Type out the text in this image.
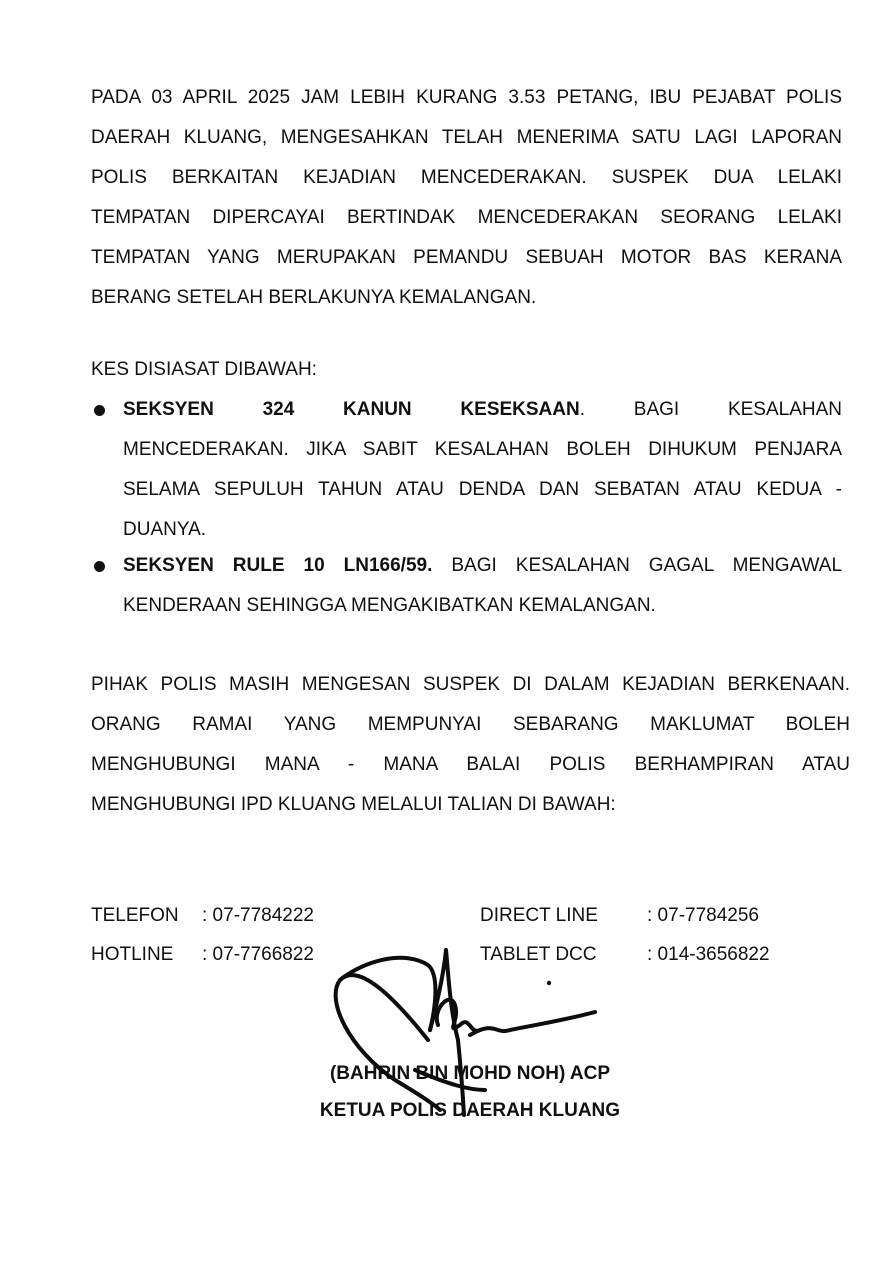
PADA 03 APRIL 2025 JAM LEBIH KURANG 3.53 PETANG, IBU PEJABAT POLIS
DAERAH KLUANG, MENGESAHKAN TELAH MENERIMA SATU LAGI LAPORAN
POLIS BERKAITAN KEJADIAN MENCEDERAKAN. SUSPEK DUA LELAKI
TEMPATAN DIPERCAYAI BERTINDAK MENCEDERAKAN SEORANG LELAKI
TEMPATAN YANG MERUPAKAN PEMANDU SEBUAH MOTOR BAS KERANA
BERANG SETELAH BERLAKUNYA KEMALANGAN.
KES DISIASAT DIBAWAH:
SEKSYEN 324 KANUN KESEKSAAN. BAGI KESALAHAN
MENCEDERAKAN. JIKA SABIT KESALAHAN BOLEH DIHUKUM PENJARA
SELAMA SEPULUH TAHUN ATAU DENDA DAN SEBATAN ATAU KEDUA -
DUANYA.
SEKSYEN RULE 10 LN166/59. BAGI KESALAHAN GAGAL MENGAWAL
KENDERAAN SEHINGGA MENGAKIBATKAN KEMALANGAN.
PIHAK POLIS MASIH MENGESAN SUSPEK DI DALAM KEJADIAN BERKENAAN.
ORANG RAMAI YANG MEMPUNYAI SEBARANG MAKLUMAT BOLEH
MENGHUBUNGI MANA - MANA BALAI POLIS BERHAMPIRAN ATAU
MENGHUBUNGI IPD KLUANG MELALUI TALIAN DI BAWAH:
TELEFON : 07-7784222
HOTLINE : 07-7766822
DIRECT LINE	: 07-7784256
TABLET DCC	: 014-3656822
(BAHRIN BIN MOHD NOH) ACP
KETUA POLIS DAERAH KLUANG
